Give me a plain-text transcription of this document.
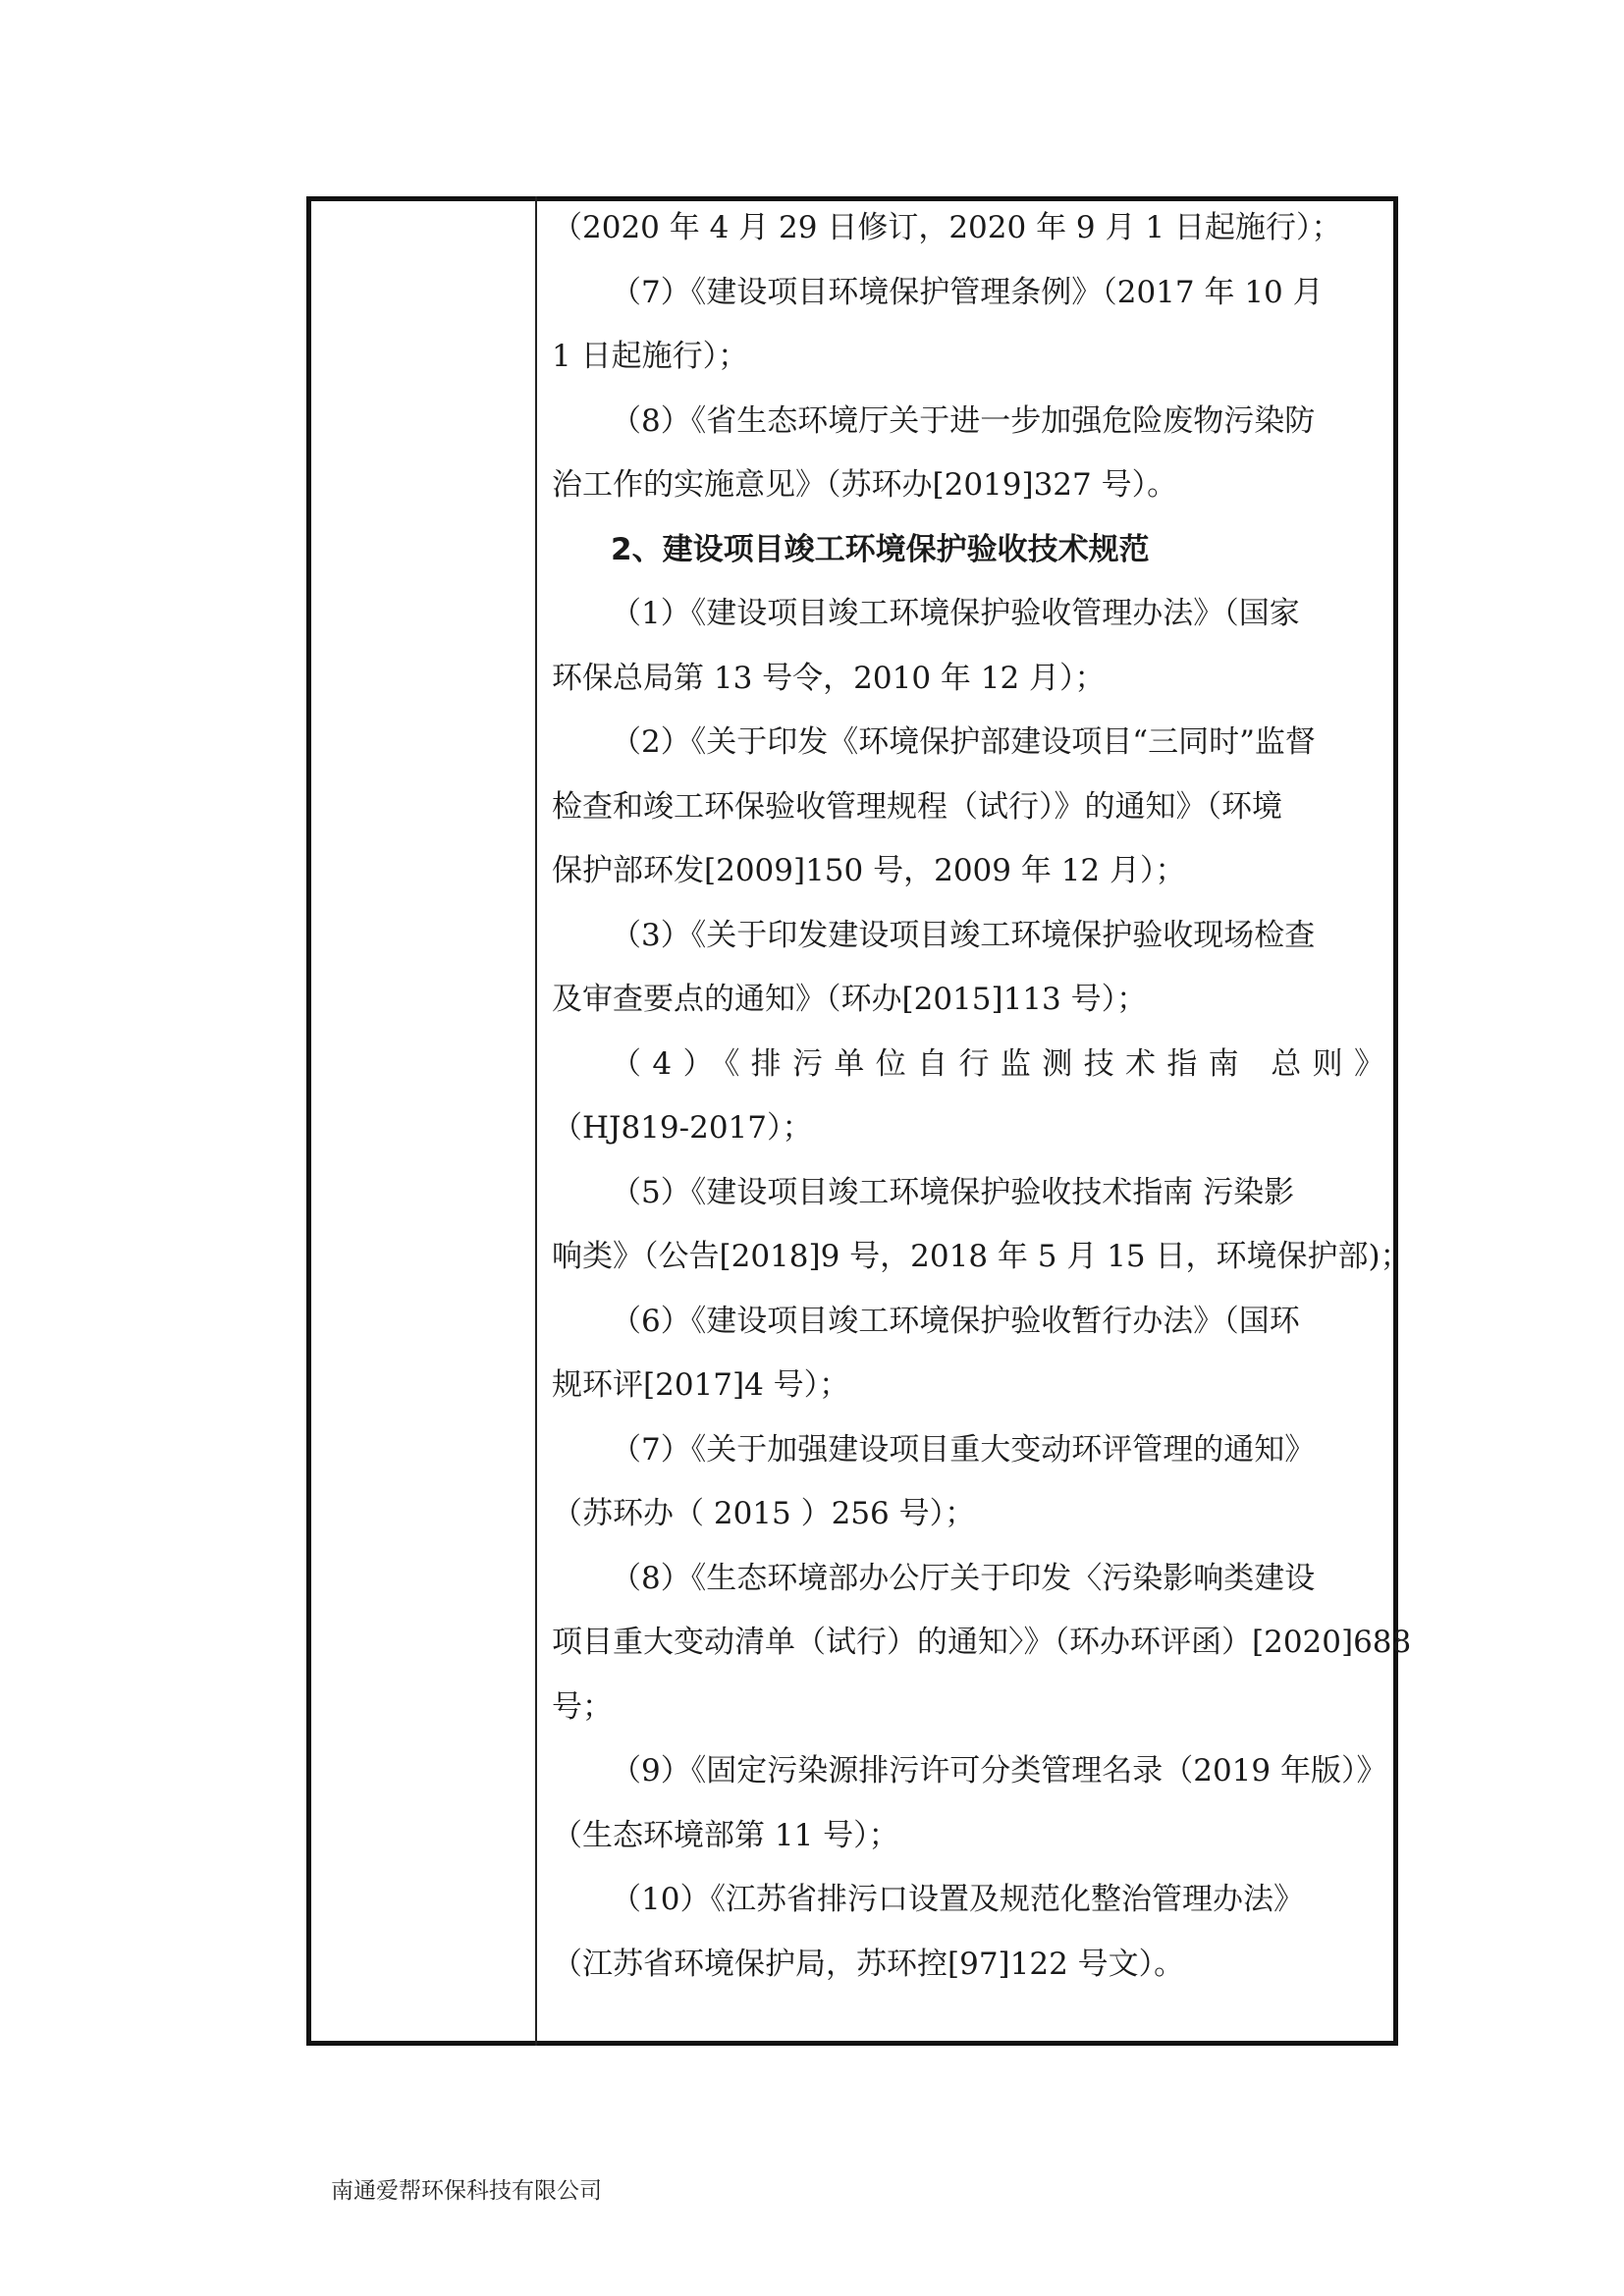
（2020 年 4 月 29 日修订，2020 年 9 月 1 日起施行）；
（7）《建设项目环境保护管理条例》（2017 年 10 月
1 日起施行）；
（8）《省生态环境厅关于进一步加强危险废物污染防
治工作的实施意见》（苏环办[2019]327 号）。
2、建设项目竣工环境保护验收技术规范
（1）《建设项目竣工环境保护验收管理办法》（国家
环保总局第 13 号令，2010 年 12 月）；
（2）《关于印发《环境保护部建设项目“三同时”监督
检查和竣工环保验收管理规程（试行）》的通知》（环境
保护部环发[2009]150 号，2009 年 12 月）；
（3）《关于印发建设项目竣工环境保护验收现场检查
及审查要点的通知》（环办[2015]113 号）；
（4）《排污单位自行监测技术指南 总则》
（HJ819-2017）；
（5）《建设项目竣工环境保护验收技术指南 污染影
响类》（公告[2018]9 号，2018 年 5 月 15 日，环境保护部)；
（6）《建设项目竣工环境保护验收暂行办法》（国环
规环评[2017]4 号）；
（7）《关于加强建设项目重大变动环评管理的通知》
（苏环办（ 2015 ）256 号）；
（8）《生态环境部办公厅关于印发〈污染影响类建设
项目重大变动清单（试行）的通知〉》（环办环评函）[2020]688
号；
（9）《固定污染源排污许可分类管理名录（2019 年版）》
（生态环境部第 11 号）；
（10）《江苏省排污口设置及规范化整治管理办法》
（江苏省环境保护局，苏环控[97]122 号文）。
南通爱帮环保科技有限公司
